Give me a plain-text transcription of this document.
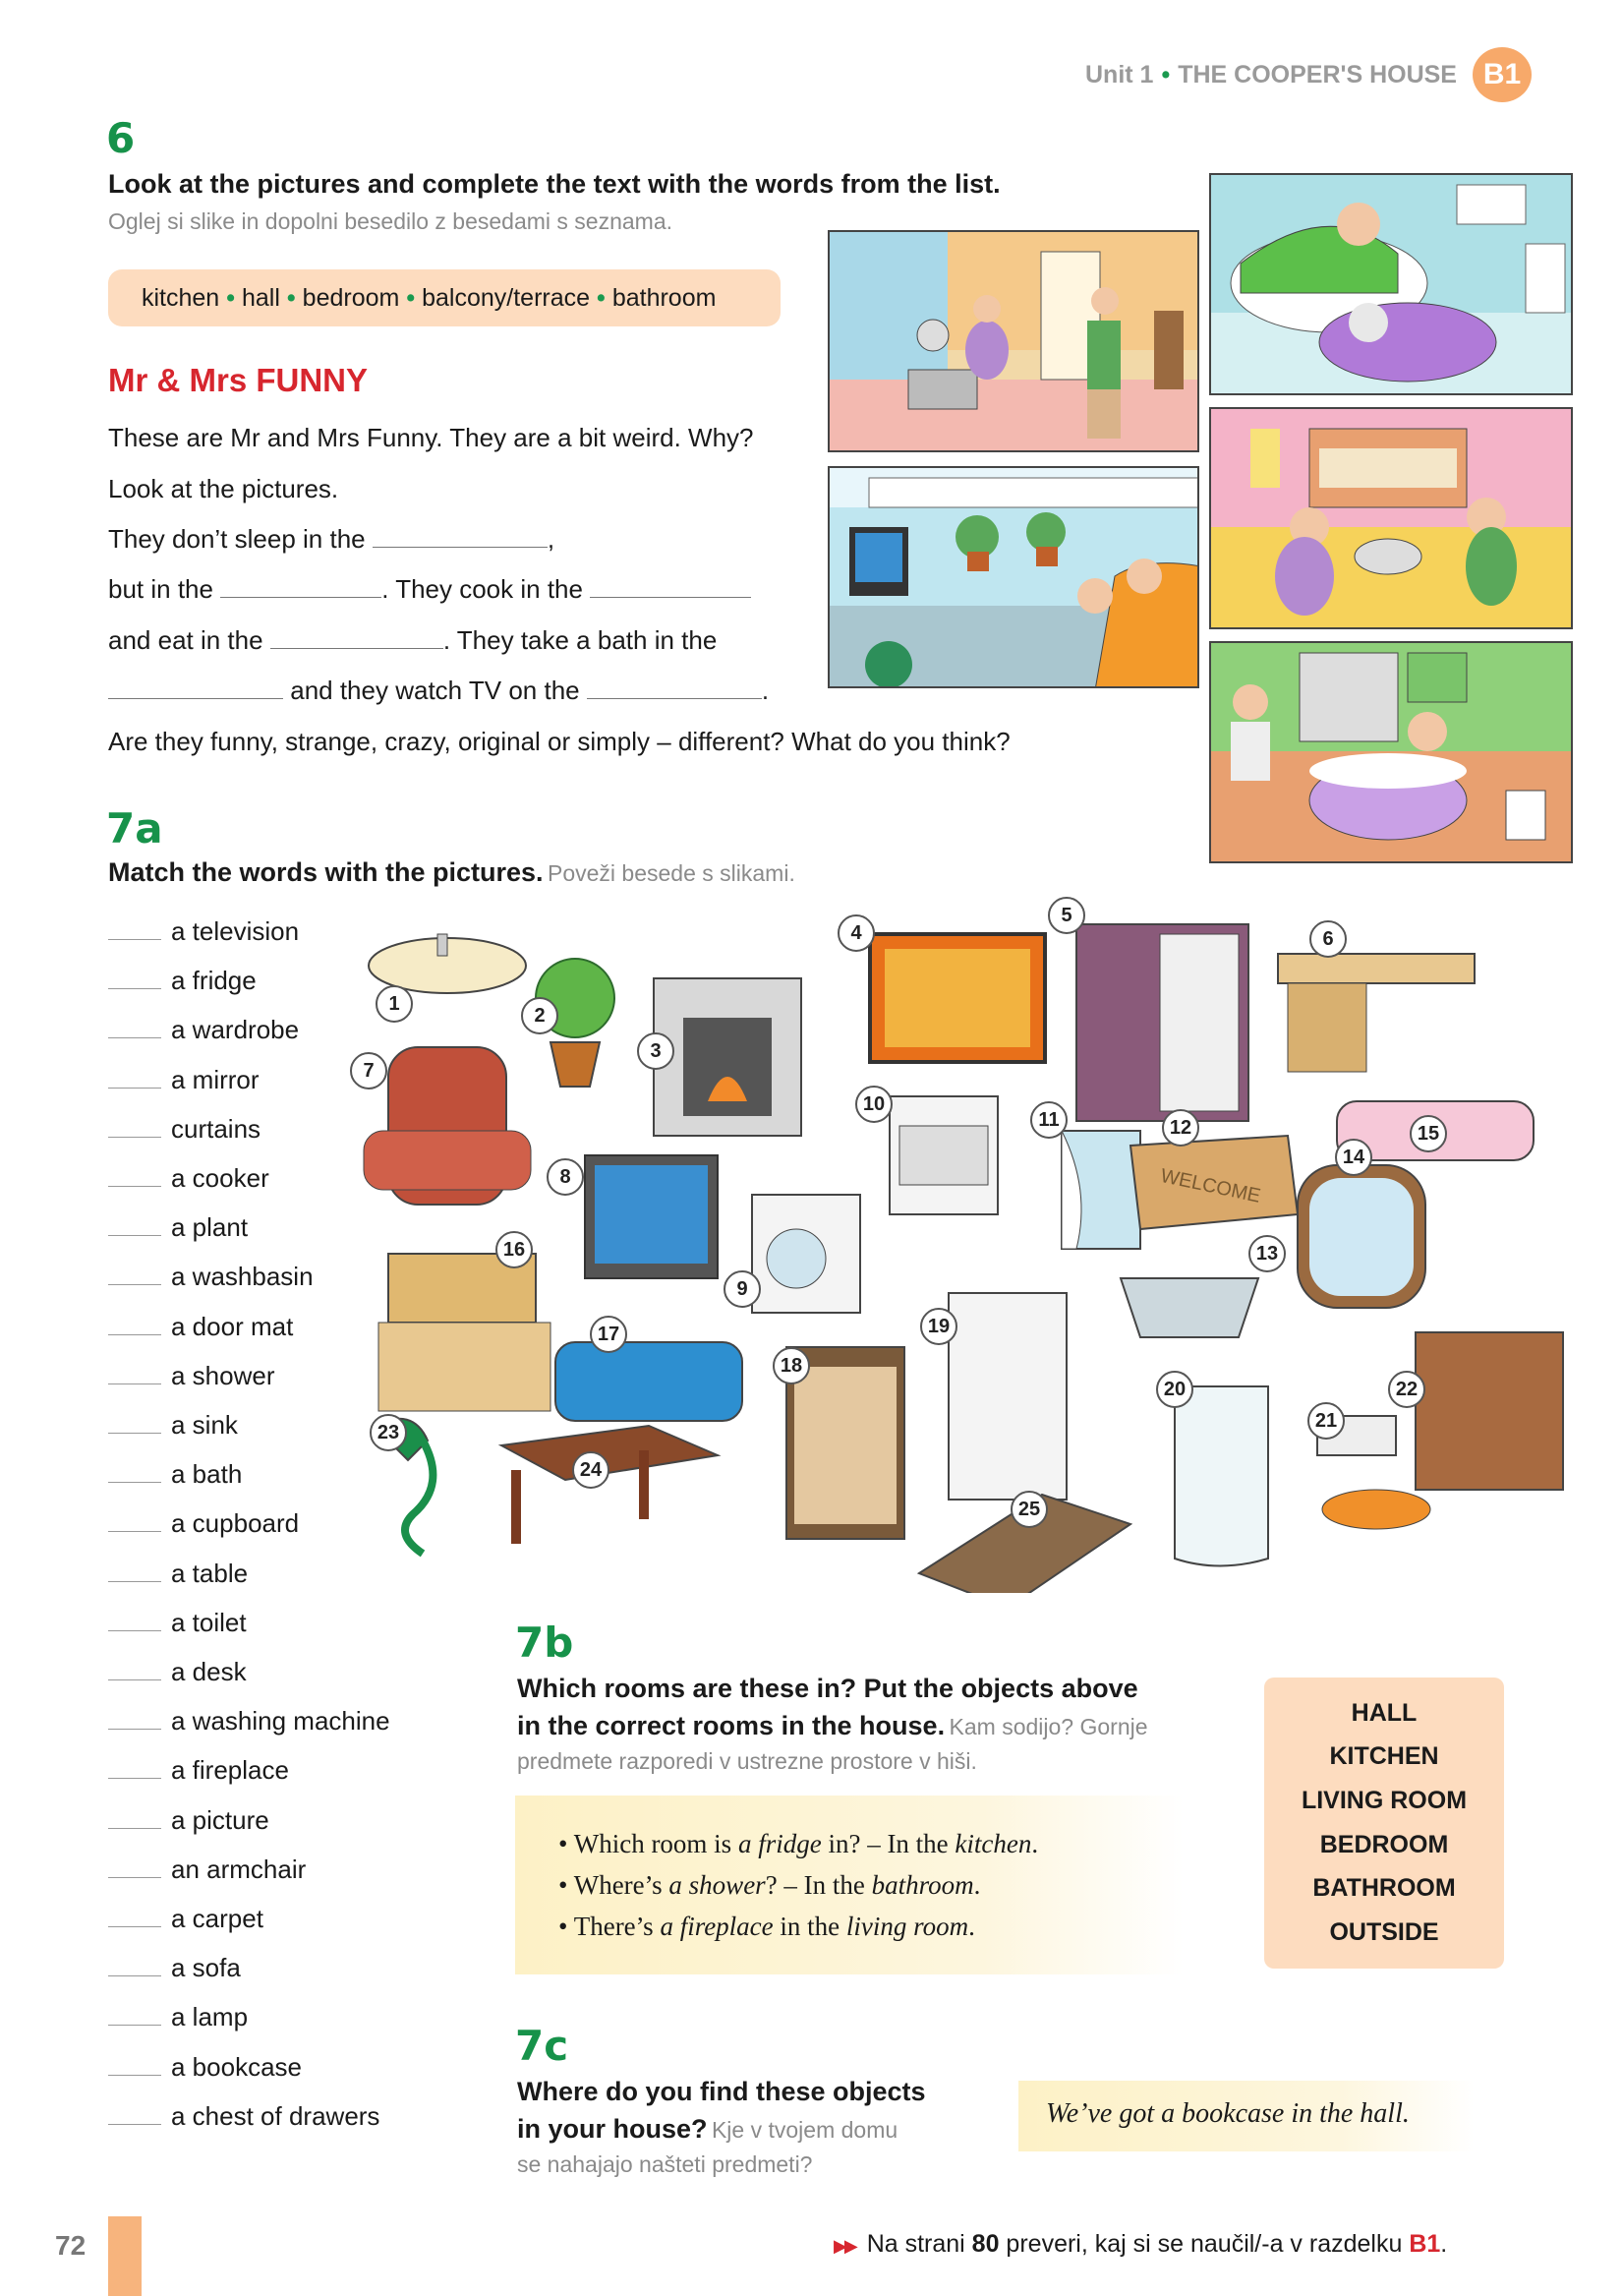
Unit 1 • THE COOPER'S HOUSE B1
6
Look at the pictures and complete the text with the words from the list.
Oglej si slike in dopolni besedilo z besedami s seznama.
kitchen • hall • bedroom • balcony/terrace • bathroom
Mr & Mrs FUNNY
These are Mr and Mrs Funny. They are a bit weird. Why?
Look at the pictures.
They don’t sleep in the	,
but in the	. They cook in the
and eat in the	. They take a bath in the
and they watch TV on the	.
Are they funny, strange, crazy, original or simply – different? What do you think?
7a
Match the words with the pictures. Poveži besede s slikami.
a television
a fridge
a wardrobe
a mirror
curtains
a cooker
a plant
a washbasin
a door mat
a shower
a sink
a bath
a cupboard
a table
a toilet
a desk
a washing machine
a fireplace
a picture
an armchair
a carpet
a sofa
a lamp
a bookcase
a chest of drawers
WELCOME
1
2
3
4
5
6
7
8
9
10
11	12
13
14
15
16
17
18
19
20
21
22
23
24
25
7b
Which rooms are these in? Put the objects above
in the correct rooms in the house. Kam sodijo? Gornje
predmete razporedi v ustrezne prostore v hiši.
• Which room is a fridge in? – In the kitchen.
• Where’s a shower? – In the bathroom.
• There’s a fireplace in the living room.
HALL
KITCHEN
LIVING ROOM
BEDROOM
BATHROOM
OUTSIDE
7c
Where do you find these objects
in your house? Kje v tvojem domu
se nahajajo našteti predmeti?
We’ve got a bookcase in the hall.
72	▶▶ Na strani 80 preveri, kaj si se naučil/-a v razdelku B1.
